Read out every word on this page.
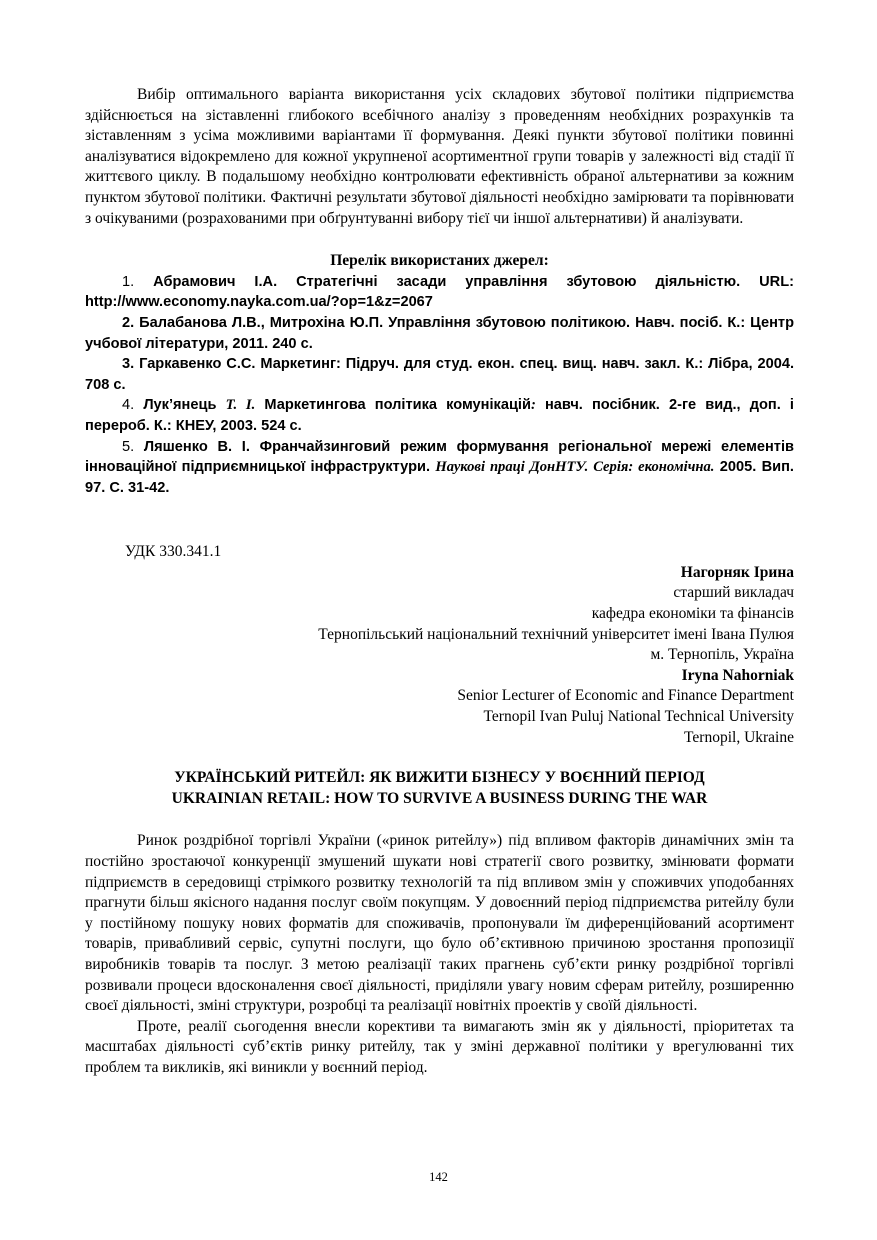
Вибір оптимального варіанта використання усіх складових збутової політики підприємства здійснюється на зіставленні глибокого всебічного аналізу з проведенням необхідних розрахунків та зіставленням з усіма можливими варіантами її формування. Деякі пункти збутової політики повинні аналізуватися відокремлено для кожної укрупненої асортиментної групи товарів у залежності від стадії її життєвого циклу. В подальшому необхідно контролювати ефективність обраної альтернативи за кожним пунктом збутової політики. Фактичні результати збутової діяльності необхідно замірювати та порівнювати з очікуваними (розрахованими при обґрунтуванні вибору тієї чи іншої альтернативи) й аналізувати.

Перелік використаних джерел:

1. Абрамович І.А. Стратегічні засади управління збутовою діяльністю. URL: http://www.economy.nayka.com.ua/?op=1&z=2067

2. Балабанова Л.В., Митрохіна Ю.П. Управління збутовою політикою. Навч. посіб. К.: Центр учбової літератури, 2011. 240 с.

3. Гаркавенко С.С. Маркетинг: Підруч. для студ. екон. спец. вищ. навч. закл. К.: Лібра, 2004. 708 с.

4. Лук’янець Т. І. Маркетингова політика комунікацій: навч. посібник. 2-ге вид., доп. і перероб. К.: КНЕУ, 2003. 524 с.

5. Ляшенко В. І. Франчайзинговий режим формування регіональної мережі елементів інноваційної підприємницької інфраструктури. Наукові праці ДонНТУ. Серія: економічна. 2005. Вип. 97. С. 31-42.

УДК 330.341.1
Нагорняк Ірина
старший викладач
кафедра економіки та фінансів
Тернопільський національний технічний університет імені Івана Пулюя
м. Тернопіль, Україна
Iryna Nahorniak
Senior Lecturer of Economic and Finance Department
Ternopil Ivan Puluj National Technical University
Ternopil, Ukraine
УКРАЇНСЬКИЙ РИТЕЙЛ: ЯК ВИЖИТИ БІЗНЕСУ У ВОЄННИЙ ПЕРІОД
UKRAINIAN RETAIL: HOW TO SURVIVE A BUSINESS DURING THE WAR

Ринок роздрібної торгівлі України («ринок ритейлу») під впливом факторів динамічних змін та постійно зростаючої конкуренції змушений шукати нові стратегії свого розвитку, змінювати формати підприємств в середовищі стрімкого розвитку технологій та під впливом змін у споживчих уподобаннях прагнути більш якісного надання послуг своїм покупцям. У довоєнний період підприємства ритейлу були у постійному пошуку нових форматів для споживачів, пропонували їм диференційований асортимент товарів, привабливий сервіс, супутні послуги, що було об’єктивною причиною зростання пропозиції виробників товарів та послуг. З метою реалізації таких прагнень суб’єкти ринку роздрібної торгівлі розвивали процеси вдосконалення своєї діяльності, приділяли увагу новим сферам ритейлу, розширенню своєї діяльності, зміні структури, розробці та реалізації новітніх проектів у своїй діяльності.

Проте, реалії сьогодення внесли корективи та вимагають змін як у діяльності, пріоритетах та масштабах діяльності суб’єктів ринку ритейлу, так у зміні державної політики у врегулюванні тих проблем та викликів, які виникли у воєнний період.

142
